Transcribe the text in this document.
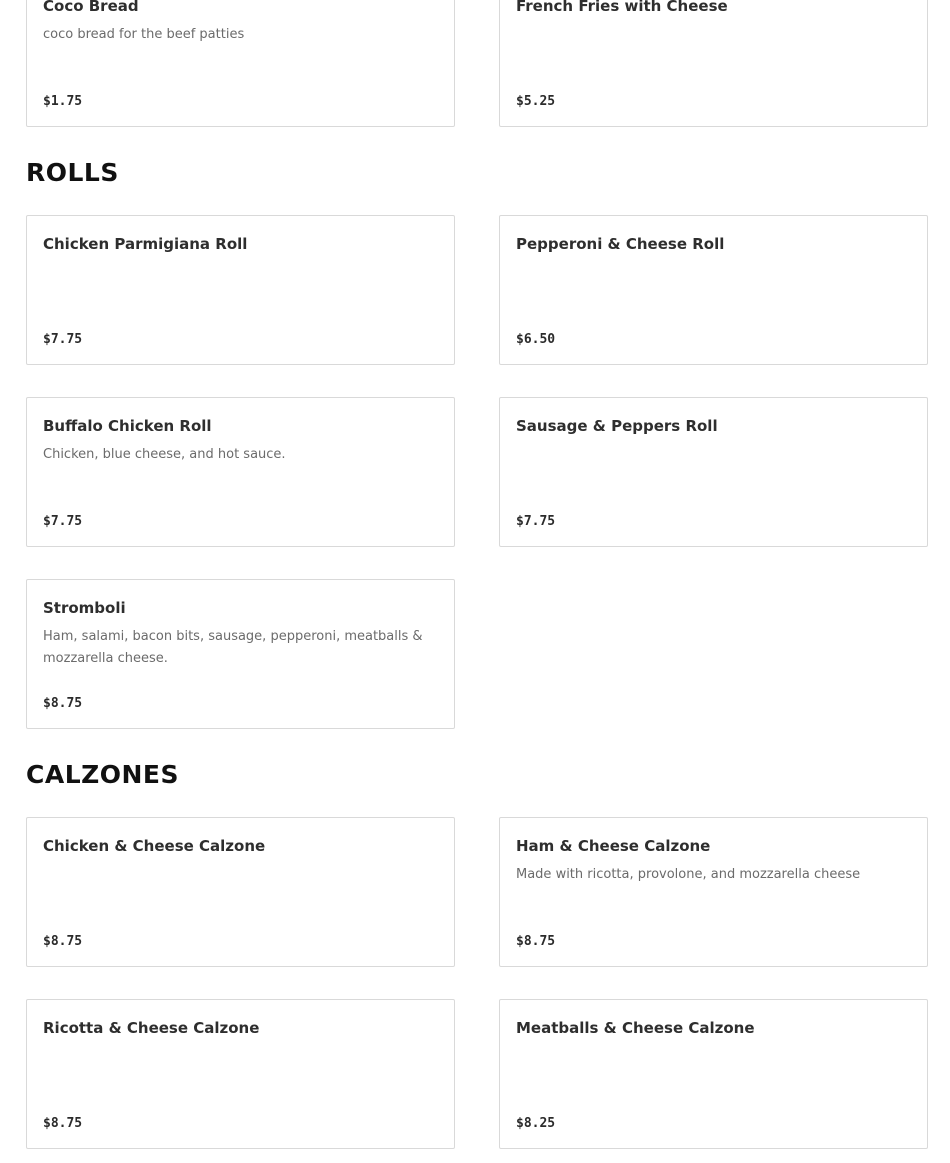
Coco Bread
coco bread for the beef patties
$1.75
French Fries with Cheese
$5.25
ROLLS
Chicken Parmigiana Roll
$7.75
Pepperoni & Cheese Roll
$6.50
Buffalo Chicken Roll
Chicken, blue cheese, and hot sauce.
$7.75
Sausage & Peppers Roll
$7.75
Stromboli
Ham, salami, bacon bits, sausage, pepperoni, meatballs & mozzarella cheese.
$8.75
CALZONES
Chicken & Cheese Calzone
$8.75
Ham & Cheese Calzone
Made with ricotta, provolone, and mozzarella cheese
$8.75
Ricotta & Cheese Calzone
$8.75
Meatballs & Cheese Calzone
$8.25
